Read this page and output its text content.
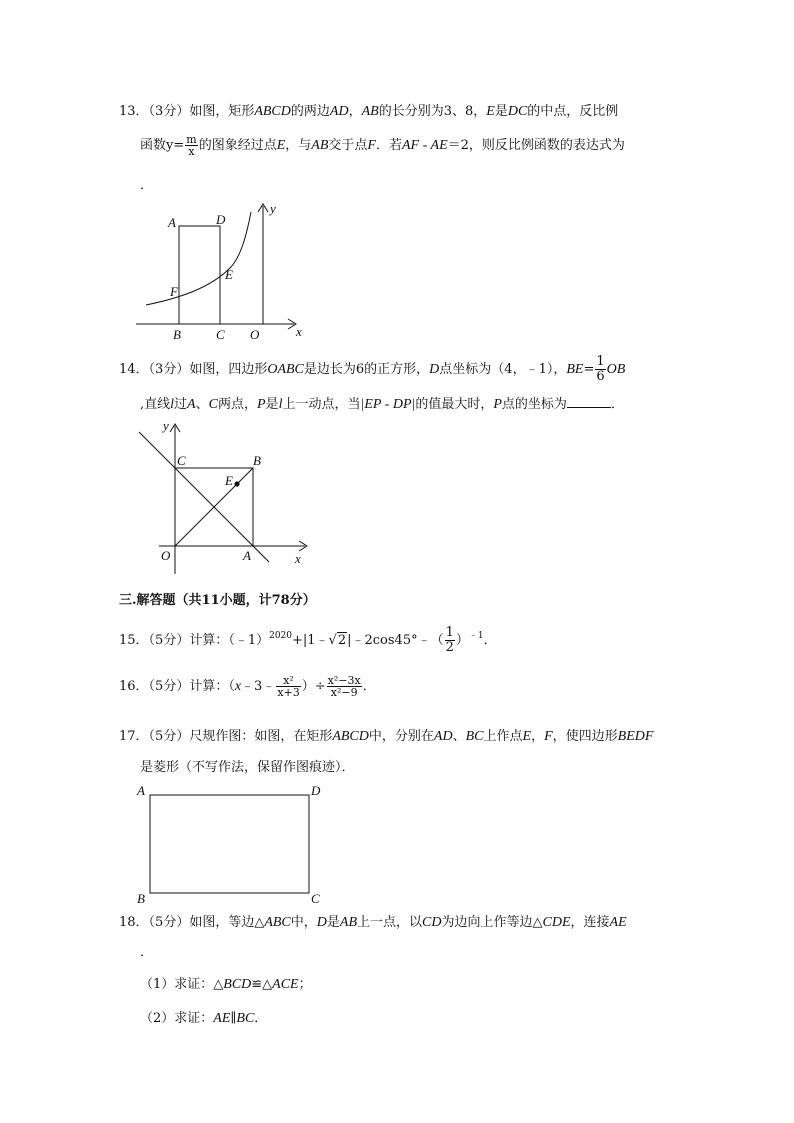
13．（3分）如图，矩形ABCD的两边AD，AB的长分别为3、8，E是DC的中点，反比例
函数$y= \frac{m}{x}$ 的图象经过点E，与AB交于点F．若AF - AE＝2，则反比例函数的表达式为
．
A	D
y
E
F
B	C O	x
14．（3分）如图，四边形OABC是边长为6的正方形，D点坐标为（4，﹣1），$BE= \frac{1}{6}$ OB
,直线l过A、C两点，P是l上一动点，当|EP - DP|的值最大时，P点的坐标为	．
y
C	B
E
O	A	x
三.解答题（共11小题，计78分）
15．（5分）计算：（﹣1）$^{2020}$+|1﹣√2|﹣2cos45°﹣（ $\frac{1}{2} )^{﹣1}$．
16．（5分）计算：（x﹣3﹣ $\frac{\text{x²}}{x+3}$ ）÷ $\frac{\text{x²−3x}}{\text{x²−9}}$ ．
17．（5分）尺规作图：如图，在矩形ABCD中，分别在AD、BC上作点E，F，使四边形BEDF
是菱形（不写作法，保留作图痕迹）．
A	D
B	C
18．（5分）如图，等边△ABC中，D是AB上一点，以CD为边向上作等边△CDE，连接AE
．
（1）求证：△BCD≌△ACE；
（2）求证：AE∥BC．
